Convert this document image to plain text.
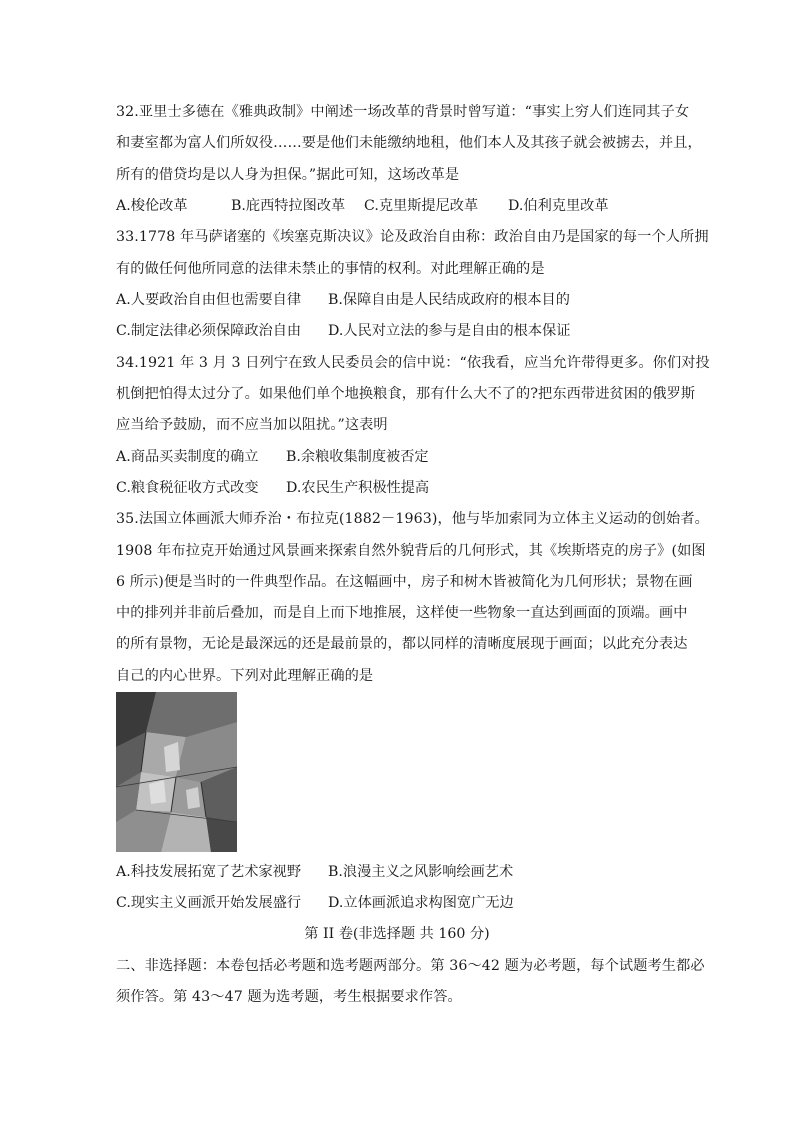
32.亚里士多德在《雅典政制》中阐述一场改革的背景时曾写道：“事实上穷人们连同其子女
和妻室都为富人们所奴役……要是他们未能缴纳地租，他们本人及其孩子就会被掳去，并且，
所有的借贷均是以人身为担保。”据此可知，这场改革是
A.梭伦改革	B.庇西特拉图改革 C.克里斯提尼改革 D.伯利克里改革
33.1778 年马萨诸塞的《埃塞克斯决议》论及政治自由称：政治自由乃是国家的每一个人所拥
有的做任何他所同意的法律未禁止的事情的权利。对此理解正确的是
A.人要政治自由但也需要自律 B.保障自由是人民结成政府的根本目的
C.制定法律必须保障政治自由 D.人民对立法的参与是自由的根本保证
34.1921 年 3 月 3 日列宁在致人民委员会的信中说：“依我看，应当允许带得更多。你们对投
机倒把怕得太过分了。如果他们单个地换粮食，那有什么大不了的?把东西带进贫困的俄罗斯
应当给予鼓励，而不应当加以阻扰。”这表明
A.商品买卖制度的确立 B.余粮收集制度被否定
C.粮食税征收方式改变 D.农民生产积极性提高
35.法国立体画派大师乔治・布拉克(1882－1963)，他与毕加索同为立体主义运动的创始者。
1908 年布拉克开始通过风景画来探索自然外貌背后的几何形式，其《埃斯塔克的房子》(如图
6 所示)便是当时的一件典型作品。在这幅画中，房子和树木皆被简化为几何形状；景物在画
中的排列并非前后叠加，而是自上而下地推展，这样使一些物象一直达到画面的顶端。画中
的所有景物，无论是最深远的还是最前景的，都以同样的清晰度展现于画面；以此充分表达
自己的内心世界。下列对此理解正确的是
A.科技发展拓宽了艺术家视野 B.浪漫主义之风影响绘画艺术
C.现实主义画派开始发展盛行 D.立体画派追求构图宽广无边
第 II 卷(非选择题 共 160 分)
二、非选择题：本卷包括必考题和选考题两部分。第 36～42 题为必考题，每个试题考生都必
须作答。第 43～47 题为选考题，考生根据要求作答。
